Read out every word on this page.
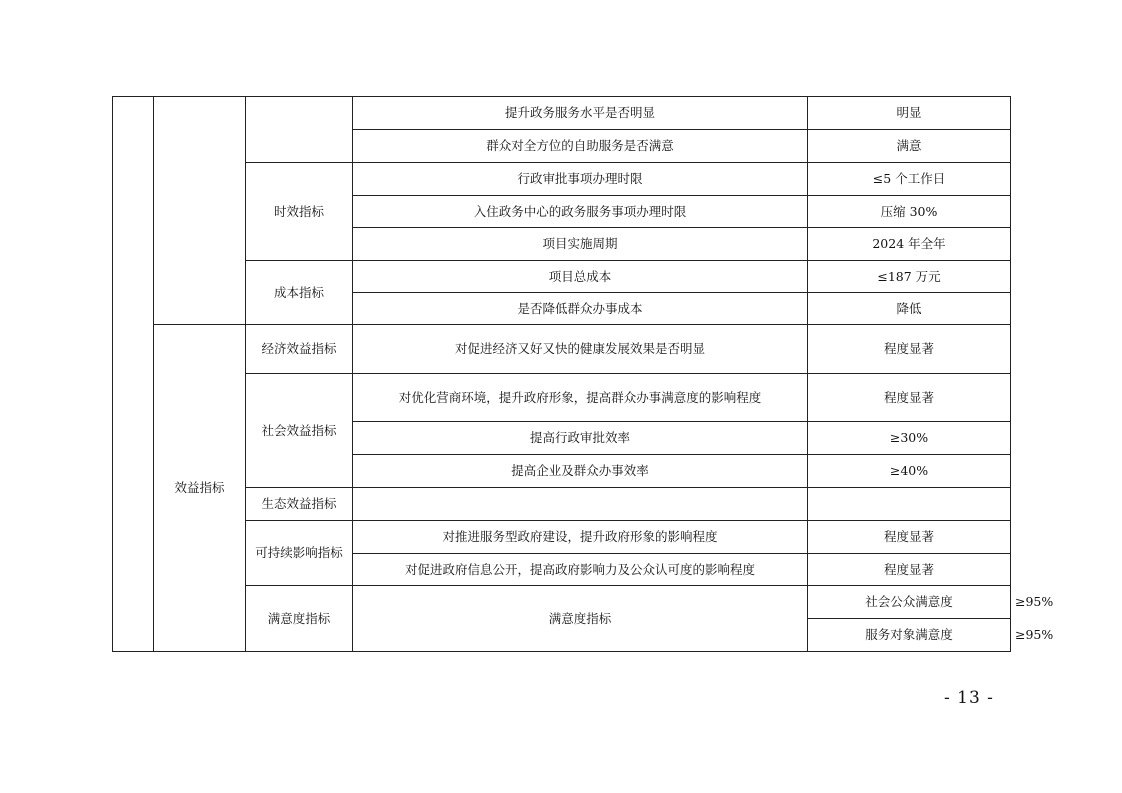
			提升政务服务水平是否明显	明显	
			群众对全方位的自助服务是否满意	满意	
		时效指标	行政审批事项办理时限	≤5 个工作日	
			入住政务中心的政务服务事项办理时限	压缩 30%	
			项目实施周期	2024 年全年	
		成本指标	项目总成本	≤187 万元	
			是否降低群众办事成本	降低	
	效益指标	经济效益指标	对促进经济又好又快的健康发展效果是否明显	程度显著	
		社会效益指标	对优化营商环境，提升政府形象，提高群众办事满意度的影响程度	程度显著	
			提高行政审批效率	≥30%	
			提高企业及群众办事效率	≥40%	
		生态效益指标			
		可持续影响指标	对推进服务型政府建设，提升政府形象的影响程度	程度显著	
			对促进政府信息公开，提高政府影响力及公众认可度的影响程度	程度显著	
		满意度指标	满意度指标	社会公众满意度	≥95%
				服务对象满意度	≥95%
- 13 -
